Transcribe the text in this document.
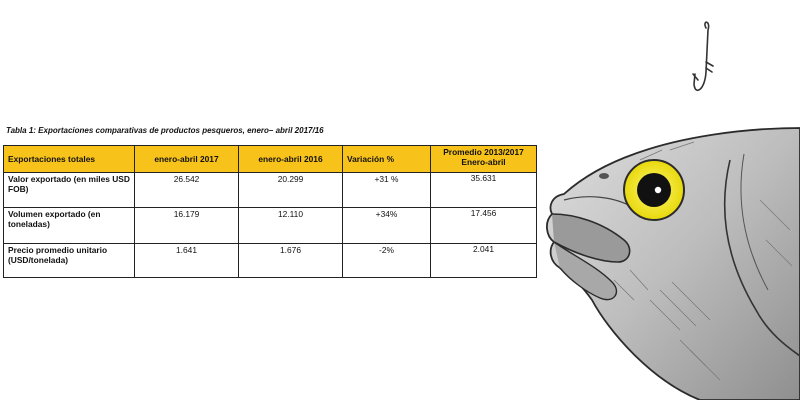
Tabla 1: Exportaciones comparativas de productos pesqueros, enero– abril 2017/16
Exportaciones totales	enero-abril 2017	enero-abril 2016	Variación %	Promedio 2013/2017
Enero-abril

Valor exportado (en miles USD FOB)	26.542	20.299	+31 %	35.631
Volumen exportado (en toneladas)	16.179	12.110	+34%	17.456
Precio promedio unitario (USD/tonelada)	1.641	1.676	-2%	2.041
